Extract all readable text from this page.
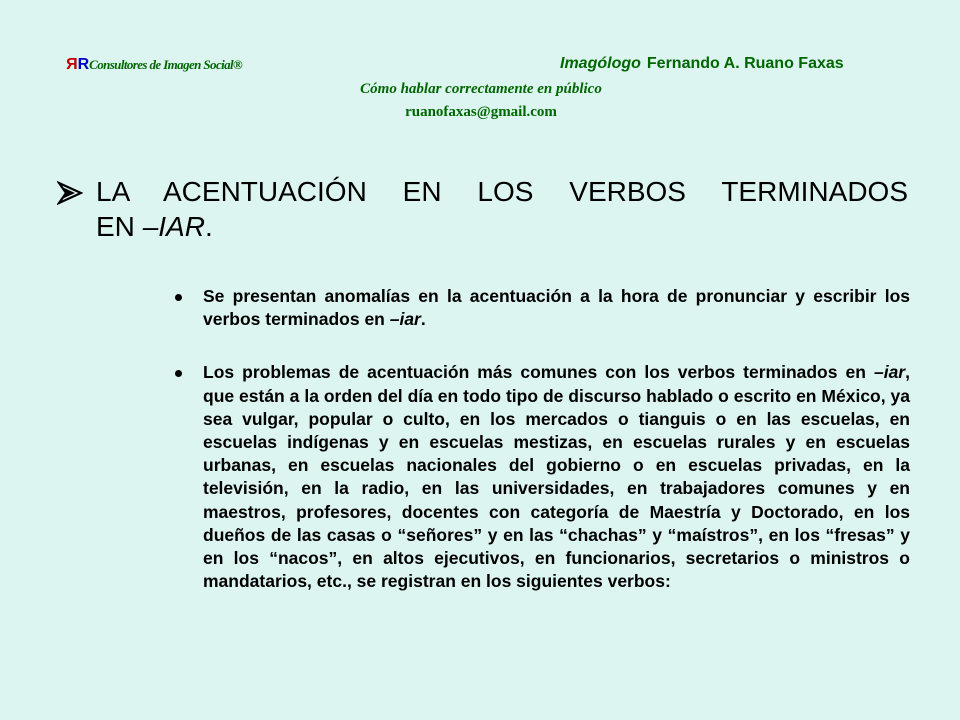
RRConsultores de Imagen Social®	Imagólogo Fernando A. Ruano Faxas
Cómo hablar correctamente en público
ruanofaxas@gmail.com
LA ACENTUACIÓN EN LOS VERBOS TERMINADOS
EN –IAR.

Se presentan anomalías en la acentuación a la hora de pronunciar y escribir los verbos terminados en –iar.

Los problemas de acentuación más comunes con los verbos terminados en –iar, que están a la orden del día en todo tipo de discurso hablado o escrito en México, ya sea vulgar, popular o culto, en los mercados o tianguis o en las escuelas, en escuelas indígenas y en escuelas mestizas, en escuelas rurales y en escuelas urbanas, en escuelas nacionales del gobierno o en escuelas privadas, en la televisión, en la radio, en las universidades, en trabajadores comunes y en maestros, profesores, docentes con categoría de Maestría y Doctorado, en los dueños de las casas o “señores” y en las “chachas” y “maístros”, en los “fresas” y en los “nacos”, en altos ejecutivos, en funcionarios, secretarios o ministros o mandatarios, etc., se registran en los siguientes verbos:
